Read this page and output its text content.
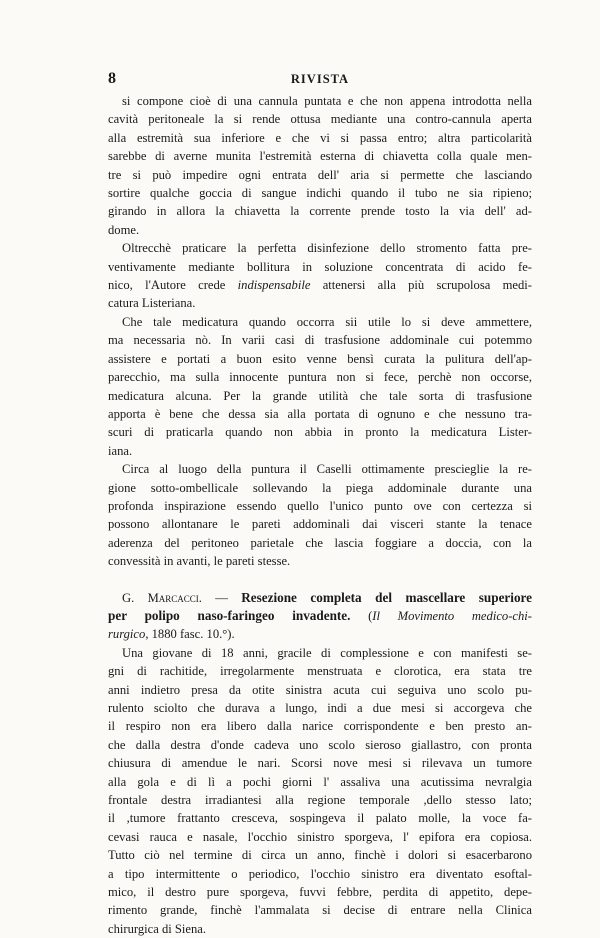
8	RIVISTA
si compone cioè di una cannula puntata e che non appena introdotta nella
cavità peritoneale la si rende ottusa mediante una contro-cannula aperta
alla estremità sua inferiore e che vi si passa entro; altra particolarità
sarebbe di averne munita l'estremità esterna di chiavetta colla quale men-
tre si può impedire ogni entrata dell' aria si permette che lasciando
sortire qualche goccia di sangue indichi quando il tubo ne sia ripieno;
girando in allora la chiavetta la corrente prende tosto la via dell' ad-
dome.
Oltrecchè praticare la perfetta disinfezione dello stromento fatta pre-
ventivamente mediante bollitura in soluzione concentrata di acido fe-
nico, l'Autore crede indispensabile attenersi alla più scrupolosa medi-
catura Listeriana.
Che tale medicatura quando occorra sii utile lo si deve ammettere,
ma necessaria nò. In varii casi di trasfusione addominale cui potemmo
assistere e portati a buon esito venne bensì curata la pulitura dell'ap-
parecchio, ma sulla innocente puntura non si fece, perchè non occorse,
medicatura alcuna. Per la grande utilità che tale sorta di trasfusione
apporta è bene che dessa sia alla portata di ognuno e che nessuno tra-
scuri di praticarla quando non abbia in pronto la medicatura Lister-
iana.
Circa al luogo della puntura il Caselli ottimamente prescieglie la re-
gione sotto-ombellicale sollevando la piega addominale durante una
profonda inspirazione essendo quello l'unico punto ove con certezza si
possono allontanare le pareti addominali dai visceri stante la tenace
aderenza del peritoneo parietale che lascia foggiare a doccia, con la
convessità in avanti, le pareti stesse.
G. Marcacci. — Resezione completa del mascellare superiore
per polipo naso-faringeo invadente. (Il Movimento medico-chi-
rurgico, 1880 fasc. 10.°).
Una giovane di 18 anni, gracile di complessione e con manifesti se-
gni di rachitide, irregolarmente menstruata e clorotica, era stata tre
anni indietro presa da otite sinistra acuta cui seguiva uno scolo pu-
rulento sciolto che durava a lungo, indi a due mesi si accorgeva che
il respiro non era libero dalla narice corrispondente e ben presto an-
che dalla destra d'onde cadeva uno scolo sieroso giallastro, con pronta
chiusura di amendue le nari. Scorsi nove mesi si rilevava un tumore
alla gola e di lì a pochi giorni l' assaliva una acutissima nevralgia
frontale destra irradiantesi alla regione temporale ,dello stesso lato;
il ,tumore frattanto cresceva, sospingeva il palato molle, la voce fa-
cevasi rauca e nasale, l'occhio sinistro sporgeva, l' epifora era copiosa.
Tutto ciò nel termine di circa un anno, finchè i dolori si esacerbarono
a tipo intermittente o periodico, l'occhio sinistro era diventato esoftal-
mico, il destro pure sporgeva, fuvvi febbre, perdita di appetito, depe-
rimento grande, finchè l'ammalata si decise di entrare nella Clinica
chirurgica di Siena.
